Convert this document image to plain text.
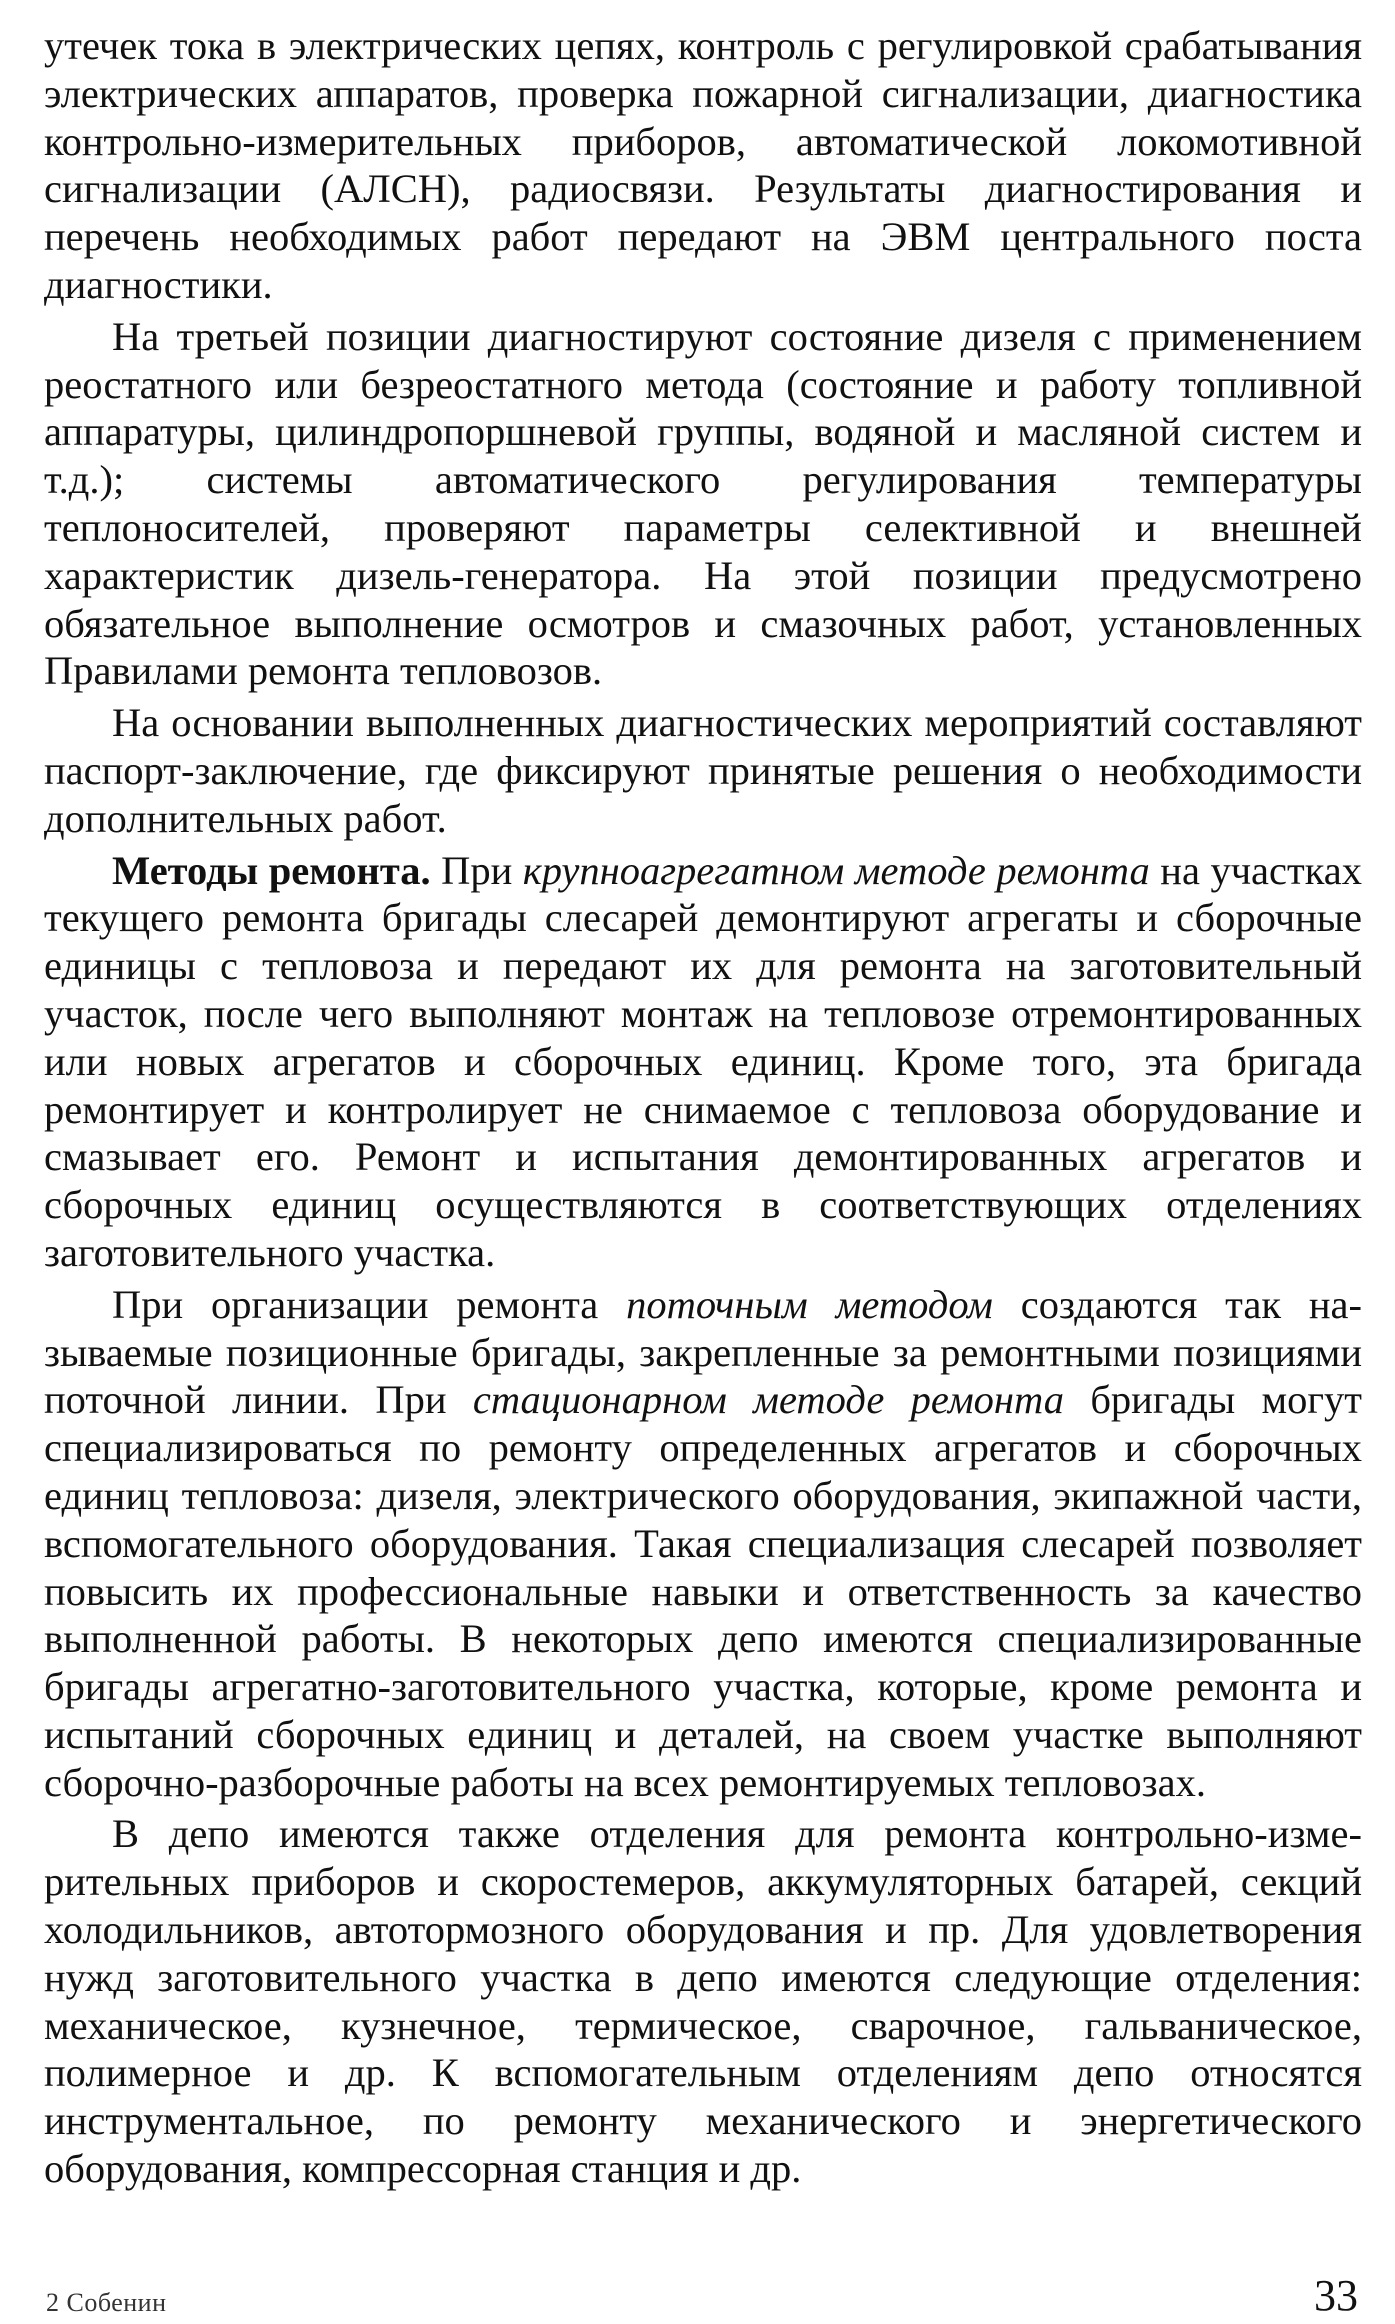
утечек тока в электрических цепях, контроль с регулировкой срабатывания электрических аппаратов, проверка пожарной сигнализации, диагностика контрольно-измерительных приборов, автоматической локомотивной сигнализации (АЛСН), радиосвязи. Результаты диагностирования и перечень необходимых работ передают на ЭВМ центрального поста диагностики.

На третьей позиции диагностируют состояние дизеля с применением реостатного или безреостатного метода (состояние и работу топливной аппаратуры, цилиндропоршневой группы, водяной и масляной систем и т.д.); системы автоматического регулирования температуры теплоносителей, проверяют параметры селективной и внешней характеристик дизель-генератора. На этой позиции предусмотрено обязательное выполнение осмотров и смазочных работ, установленных Правилами ремонта тепловозов.

На основании выполненных диагностических мероприятий составляют паспорт-заключение, где фиксируют принятые решения о необходимости дополнительных работ.

Методы ремонта. При крупноагрегатном методе ремонта на участках текущего ремонта бригады слесарей демонтируют агрегаты и сборочные единицы с тепловоза и передают их для ремонта на заготовительный участок, после чего выполняют монтаж на тепловозе отремонтированных или новых агрегатов и сборочных единиц. Кроме того, эта бригада ремонтирует и контролирует не снимаемое с тепловоза оборудование и смазывает его. Ремонт и испытания демонтированных агрегатов и сборочных единиц осуществляются в соответствующих отделениях заготовительного участка.

При организации ремонта поточным методом создаются так называемые позиционные бригады, закрепленные за ремонтными позициями поточной линии. При стационарном методе ремонта бригады могут специализироваться по ремонту определенных агрегатов и сборочных единиц тепловоза: дизеля, электрического оборудования, экипажной части, вспомогательного оборудования. Такая специализация слесарей позволяет повысить их профессиональные навыки и ответственность за качество выполненной работы. В некоторых депо имеются специализированные бригады агрегатно-заготовительного участка, которые, кроме ремонта и испытаний сборочных единиц и деталей, на своем участке выполняют сборочно-разборочные работы на всех ремонтируемых тепловозах.

В депо имеются также отделения для ремонта контрольно-измерительных приборов и скоростемеров, аккумуляторных батарей, секций холодильников, автотормозного оборудования и пр. Для удовлетворения нужд заготовительного участка в депо имеются следующие отделения: механическое, кузнечное, термическое, сварочное, гальваническое, полимерное и др. К вспомогательным отделениям депо относятся инструментальное, по ремонту механического и энергетического оборудования, компрессорная станция и др.

2 Собенин	33
